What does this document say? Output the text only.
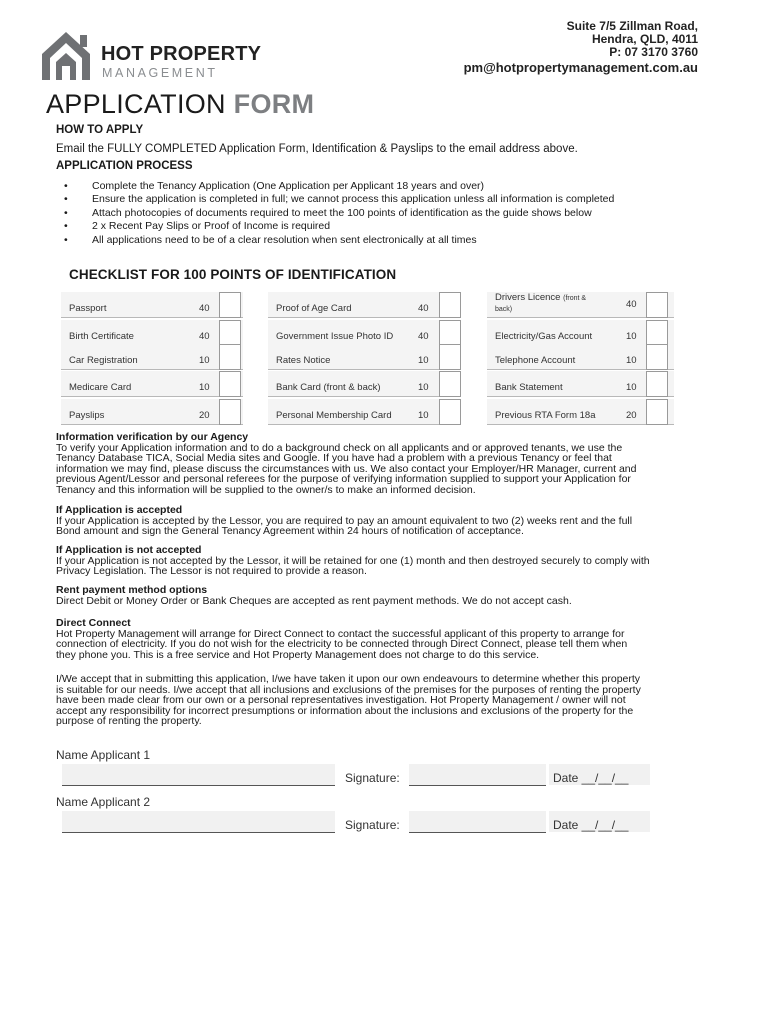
HOT PROPERTY
MANAGEMENT
Suite 7/5 Zillman Road,
Hendra, QLD, 4011
P: 07 3170 3760
pm@hotpropertymanagement.com.au
APPLICATION FORM
HOW TO APPLY
Email the FULLY COMPLETED Application Form, Identification & Payslips to the email address above.
APPLICATION PROCESS
• Complete the Tenancy Application (One Application per Applicant 18 years and over)
• Ensure the application is completed in full; we cannot process this application unless all information is completed
• Attach photocopies of documents required to meet the 100 points of identification as the guide shows below
• 2 x Recent Pay Slips or Proof of Income is required
• All applications need to be of a clear resolution when sent electronically at all times
CHECKLIST FOR 100 POINTS OF IDENTIFICATION
Passport	40
Birth Certificate	40
Car Registration	10
Medicare Card	10
Payslips	20
Proof of Age Card	40
Government Issue Photo ID	40
Rates Notice	10
Bank Card (front & back)	10
Personal Membership Card	10
Drivers Licence (front &
back)	40
Electricity/Gas Account	10
Telephone Account	10
Bank Statement	10
Previous RTA Form 18a	20
Information verification by our Agency
To verify your Application information and to do a background check on all applicants and or approved tenants, we use the
Tenancy Database TICA, Social Media sites and Google. If you have had a problem with a previous Tenancy or feel that
information we may find, please discuss the circumstances with us. We also contact your Employer/HR Manager, current and
previous Agent/Lessor and personal referees for the purpose of verifying information supplied to support your Application for
Tenancy and this information will be supplied to the owner/s to make an informed decision.
If Application is accepted
If your Application is accepted by the Lessor, you are required to pay an amount equivalent to two (2) weeks rent and the full
Bond amount and sign the General Tenancy Agreement within 24 hours of notification of acceptance.
If Application is not accepted
If your Application is not accepted by the Lessor, it will be retained for one (1) month and then destroyed securely to comply with
Privacy Legislation. The Lessor is not required to provide a reason.
Rent payment method options
Direct Debit or Money Order or Bank Cheques are accepted as rent payment methods. We do not accept cash.
Direct Connect
Hot Property Management will arrange for Direct Connect to contact the successful applicant of this property to arrange for
connection of electricity. If you do not wish for the electricity to be connected through Direct Connect, please tell them when
they phone you. This is a free service and Hot Property Management does not charge to do this service.
I/We accept that in submitting this application, I/we have taken it upon our own endeavours to determine whether this property
is suitable for our needs. I/we accept that all inclusions and exclusions of the premises for the purposes of renting the property
have been made clear from our own or a personal representatives investigation. Hot Property Management / owner will not
accept any responsibility for incorrect presumptions or information about the inclusions and exclusions of the property for the
purpose of renting the property.
Name Applicant 1
Signature:	Date __/__/__
Name Applicant 2
Signature:	Date __/__/__
